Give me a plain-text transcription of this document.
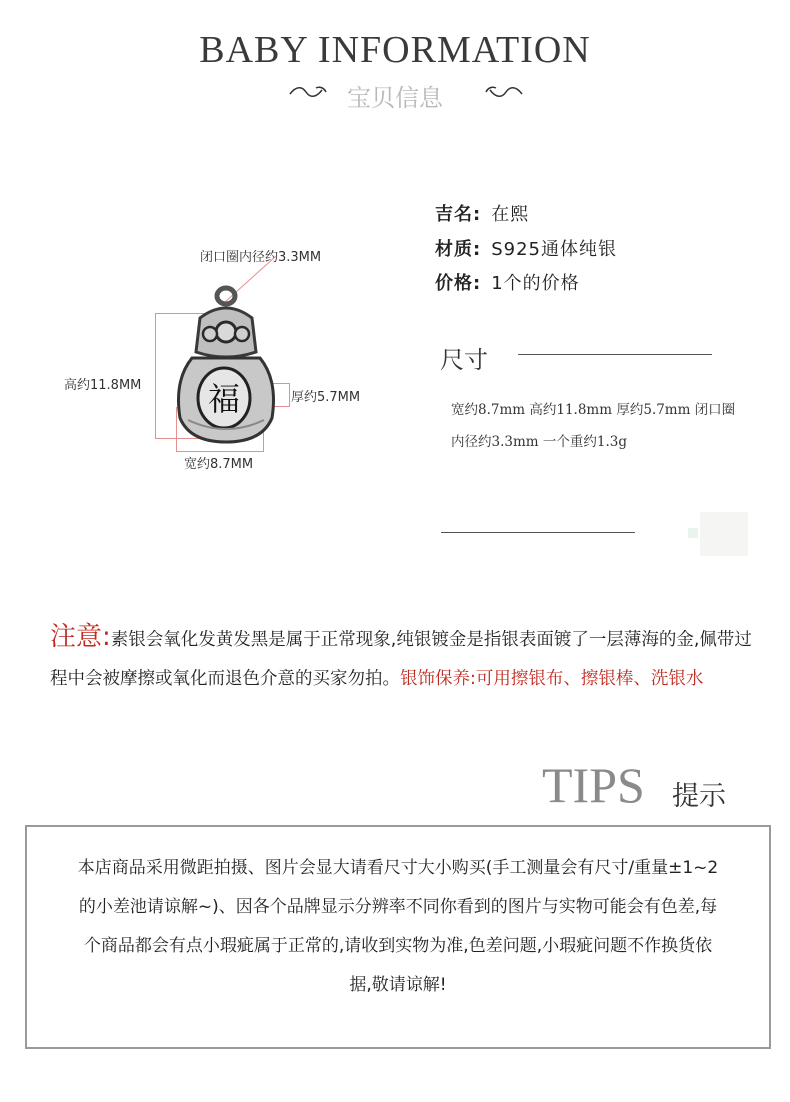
BABY INFORMATION
宝贝信息
闭口圈内径约3.3MM
高约11.8MM
厚约5.7MM
宽约8.7MM
福
吉名: 在熙
材质: S925通体纯银
价格: 1个的价格
尺寸
宽约8.7mm 高约11.8mm 厚约5.7mm 闭口圈内径约3.3mm 一个重约1.3g
注意:素银会氧化发黄发黑是属于正常现象,纯银镀金是指银表面镀了一层薄海的金,佩带过程中会被摩擦或氧化而退色介意的买家勿拍。银饰保养:可用擦银布、擦银棒、洗银水
TIPS 提示
本店商品采用微距拍摄、图片会显大请看尺寸大小购买(手工测量会有尺寸/重量±1~2的小差池请谅解~)、因各个品牌显示分辨率不同你看到的图片与实物可能会有色差,每个商品都会有点小瑕疵属于正常的,请收到实物为准,色差问题,小瑕疵问题不作换货依据,敬请谅解!
